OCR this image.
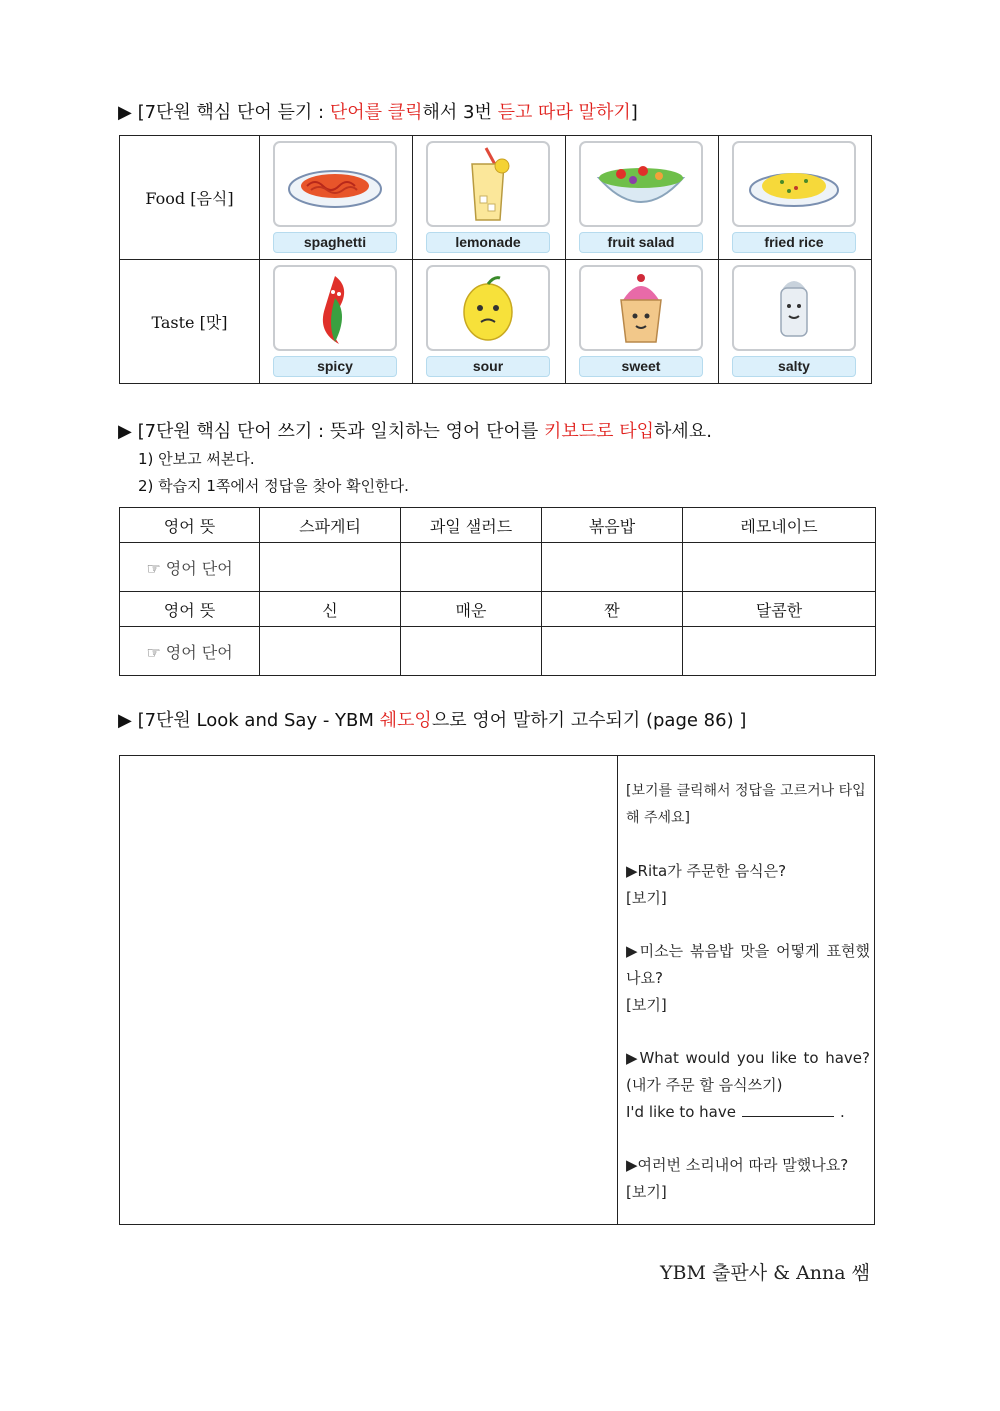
▶ [7단원 핵심 단어 듣기 : 단어를 클릭해서 3번 듣고 따라 말하기]
Food [음식]	spaghetti	lemonade	fruit salad	fried rice

Taste [맛]	spicy	sour	sweet	salty
▶ [7단원 핵심 단어 쓰기 : 뜻과 일치하는 영어 단어를 키보드로 타입하세요.
1) 안보고 써본다.
2) 학습지 1쪽에서 정답을 찾아 확인한다.
영어 뜻	스파게티	과일 샐러드	볶음밥	레모네이드
☞ 영어 단어				
영어 뜻	신	매운	짠	달콤한
☞ 영어 단어				
▶ [7단원 Look and Say - YBM 쉐도잉으로 영어 말하기 고수되기 (page 86) ]

[보기를 클릭해서 정답을 고르거나 타입해 주세요]

▶Rita가 주문한 음식은?

[보기]

▶미소는 볶음밥 맛을 어떻게 표현했나요?

[보기]

▶What would you like to have?(내가 주문 할 음식쓰기)

I'd like to have	.

▶여러번 소리내어 따라 말했나요?

[보기]

YBM 출판사 & Anna 쌤
